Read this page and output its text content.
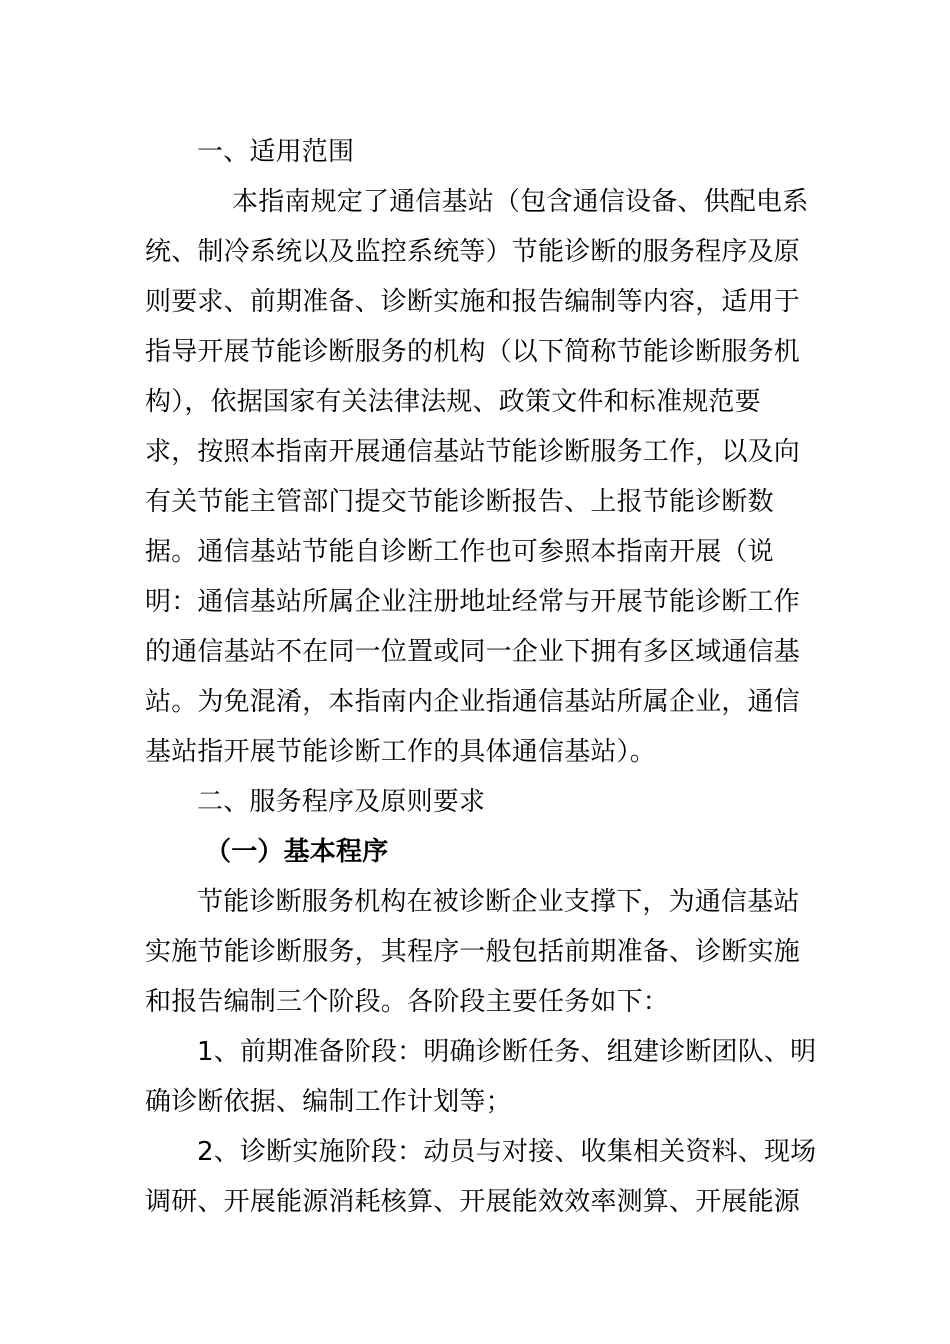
一、适用范围
本指南规定了通信基站（包含通信设备、供配电系
统、制冷系统以及监控系统等）节能诊断的服务程序及原
则要求、前期准备、诊断实施和报告编制等内容，适用于
指导开展节能诊断服务的机构（以下简称节能诊断服务机
构），依据国家有关法律法规、政策文件和标准规范要
求，按照本指南开展通信基站节能诊断服务工作，以及向
有关节能主管部门提交节能诊断报告、上报节能诊断数
据。通信基站节能自诊断工作也可参照本指南开展（说
明：通信基站所属企业注册地址经常与开展节能诊断工作
的通信基站不在同一位置或同一企业下拥有多区域通信基
站。为免混淆，本指南内企业指通信基站所属企业，通信
基站指开展节能诊断工作的具体通信基站）。
二、服务程序及原则要求
（一）基本程序
节能诊断服务机构在被诊断企业支撑下，为通信基站
实施节能诊断服务，其程序一般包括前期准备、诊断实施
和报告编制三个阶段。各阶段主要任务如下：
1、前期准备阶段：明确诊断任务、组建诊断团队、明
确诊断依据、编制工作计划等；
2、诊断实施阶段：动员与对接、收集相关资料、现场
调研、开展能源消耗核算、开展能效效率测算、开展能源
